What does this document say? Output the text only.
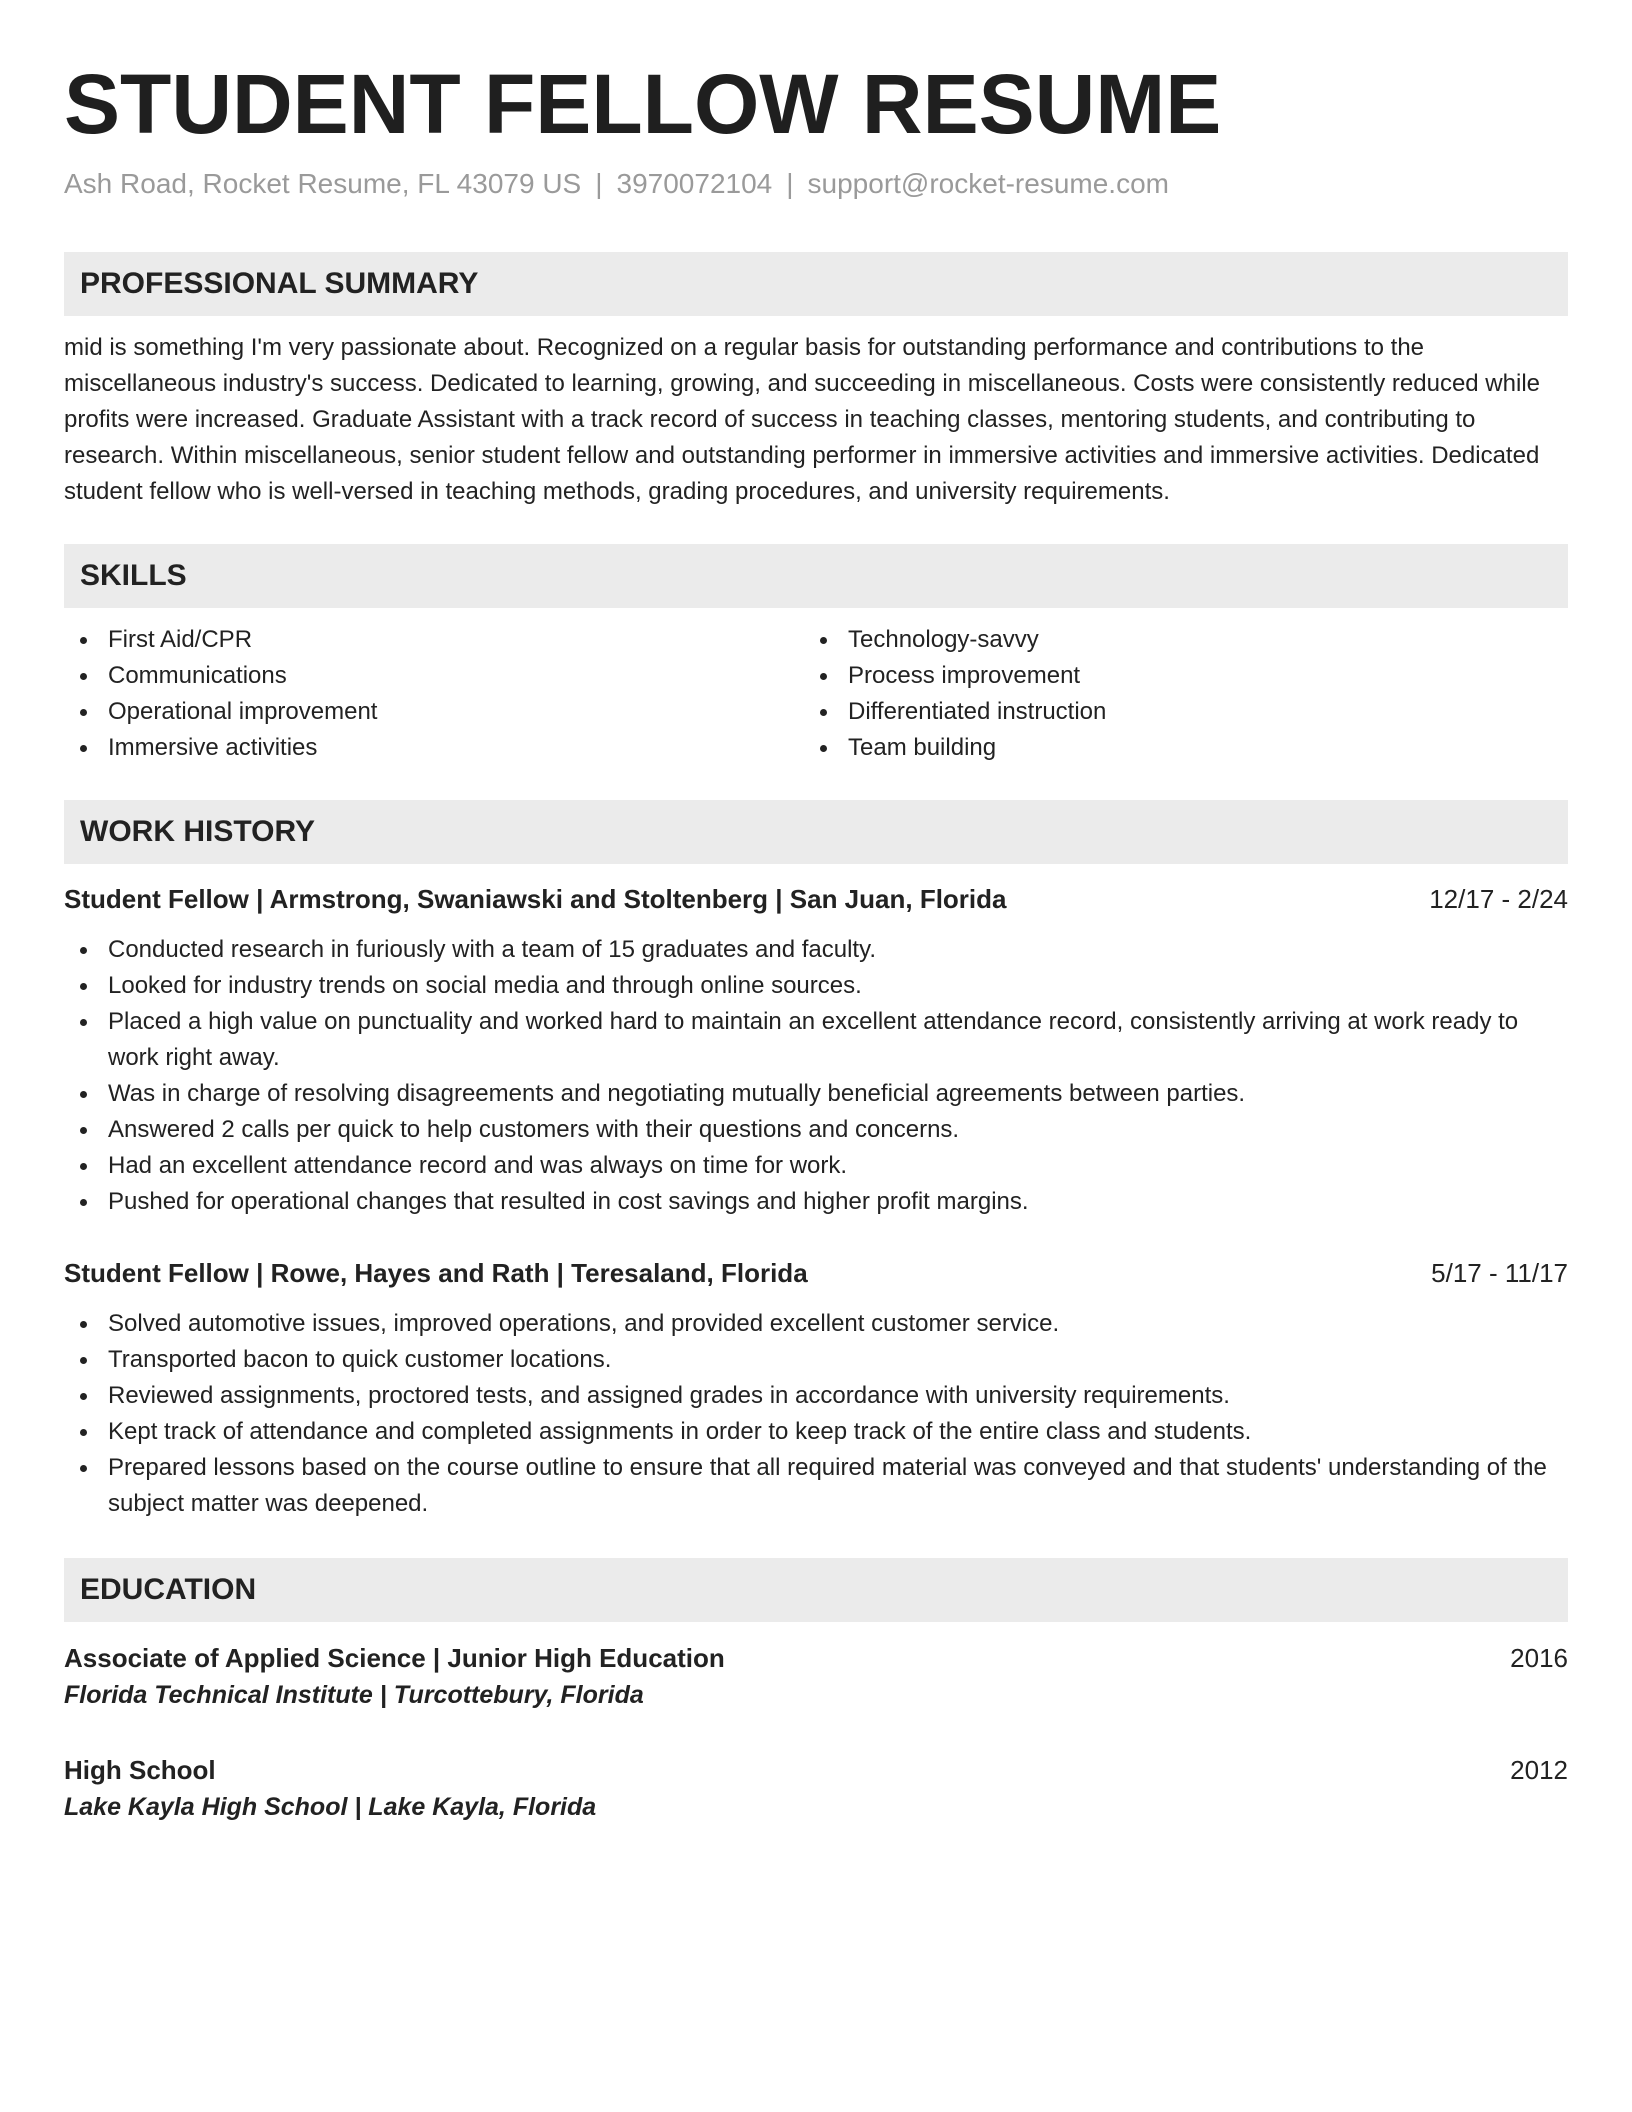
STUDENT FELLOW RESUME
Ash Road, Rocket Resume, FL 43079 US | 3970072104 | support@rocket-resume.com
PROFESSIONAL SUMMARY
mid is something I'm very passionate about. Recognized on a regular basis for outstanding performance and contributions to the miscellaneous industry's success. Dedicated to learning, growing, and succeeding in miscellaneous. Costs were consistently reduced while profits were increased. Graduate Assistant with a track record of success in teaching classes, mentoring students, and contributing to research. Within miscellaneous, senior student fellow and outstanding performer in immersive activities and immersive activities. Dedicated student fellow who is well-versed in teaching methods, grading procedures, and university requirements.
SKILLS
First Aid/CPR
Communications
Operational improvement
Immersive activities
Technology-savvy
Process improvement
Differentiated instruction
Team building
WORK HISTORY
Student Fellow | Armstrong, Swaniawski and Stoltenberg | San Juan, Florida	12/17 - 2/24
Conducted research in furiously with a team of 15 graduates and faculty.
Looked for industry trends on social media and through online sources.
Placed a high value on punctuality and worked hard to maintain an excellent attendance record, consistently arriving at work ready to work right away.
Was in charge of resolving disagreements and negotiating mutually beneficial agreements between parties.
Answered 2 calls per quick to help customers with their questions and concerns.
Had an excellent attendance record and was always on time for work.
Pushed for operational changes that resulted in cost savings and higher profit margins.
Student Fellow | Rowe, Hayes and Rath | Teresaland, Florida	5/17 - 11/17
Solved automotive issues, improved operations, and provided excellent customer service.
Transported bacon to quick customer locations.
Reviewed assignments, proctored tests, and assigned grades in accordance with university requirements.
Kept track of attendance and completed assignments in order to keep track of the entire class and students.
Prepared lessons based on the course outline to ensure that all required material was conveyed and that students' understanding of the subject matter was deepened.
EDUCATION
Associate of Applied Science | Junior High Education	2016
Florida Technical Institute | Turcottebury, Florida
High School	2012
Lake Kayla High School | Lake Kayla, Florida
